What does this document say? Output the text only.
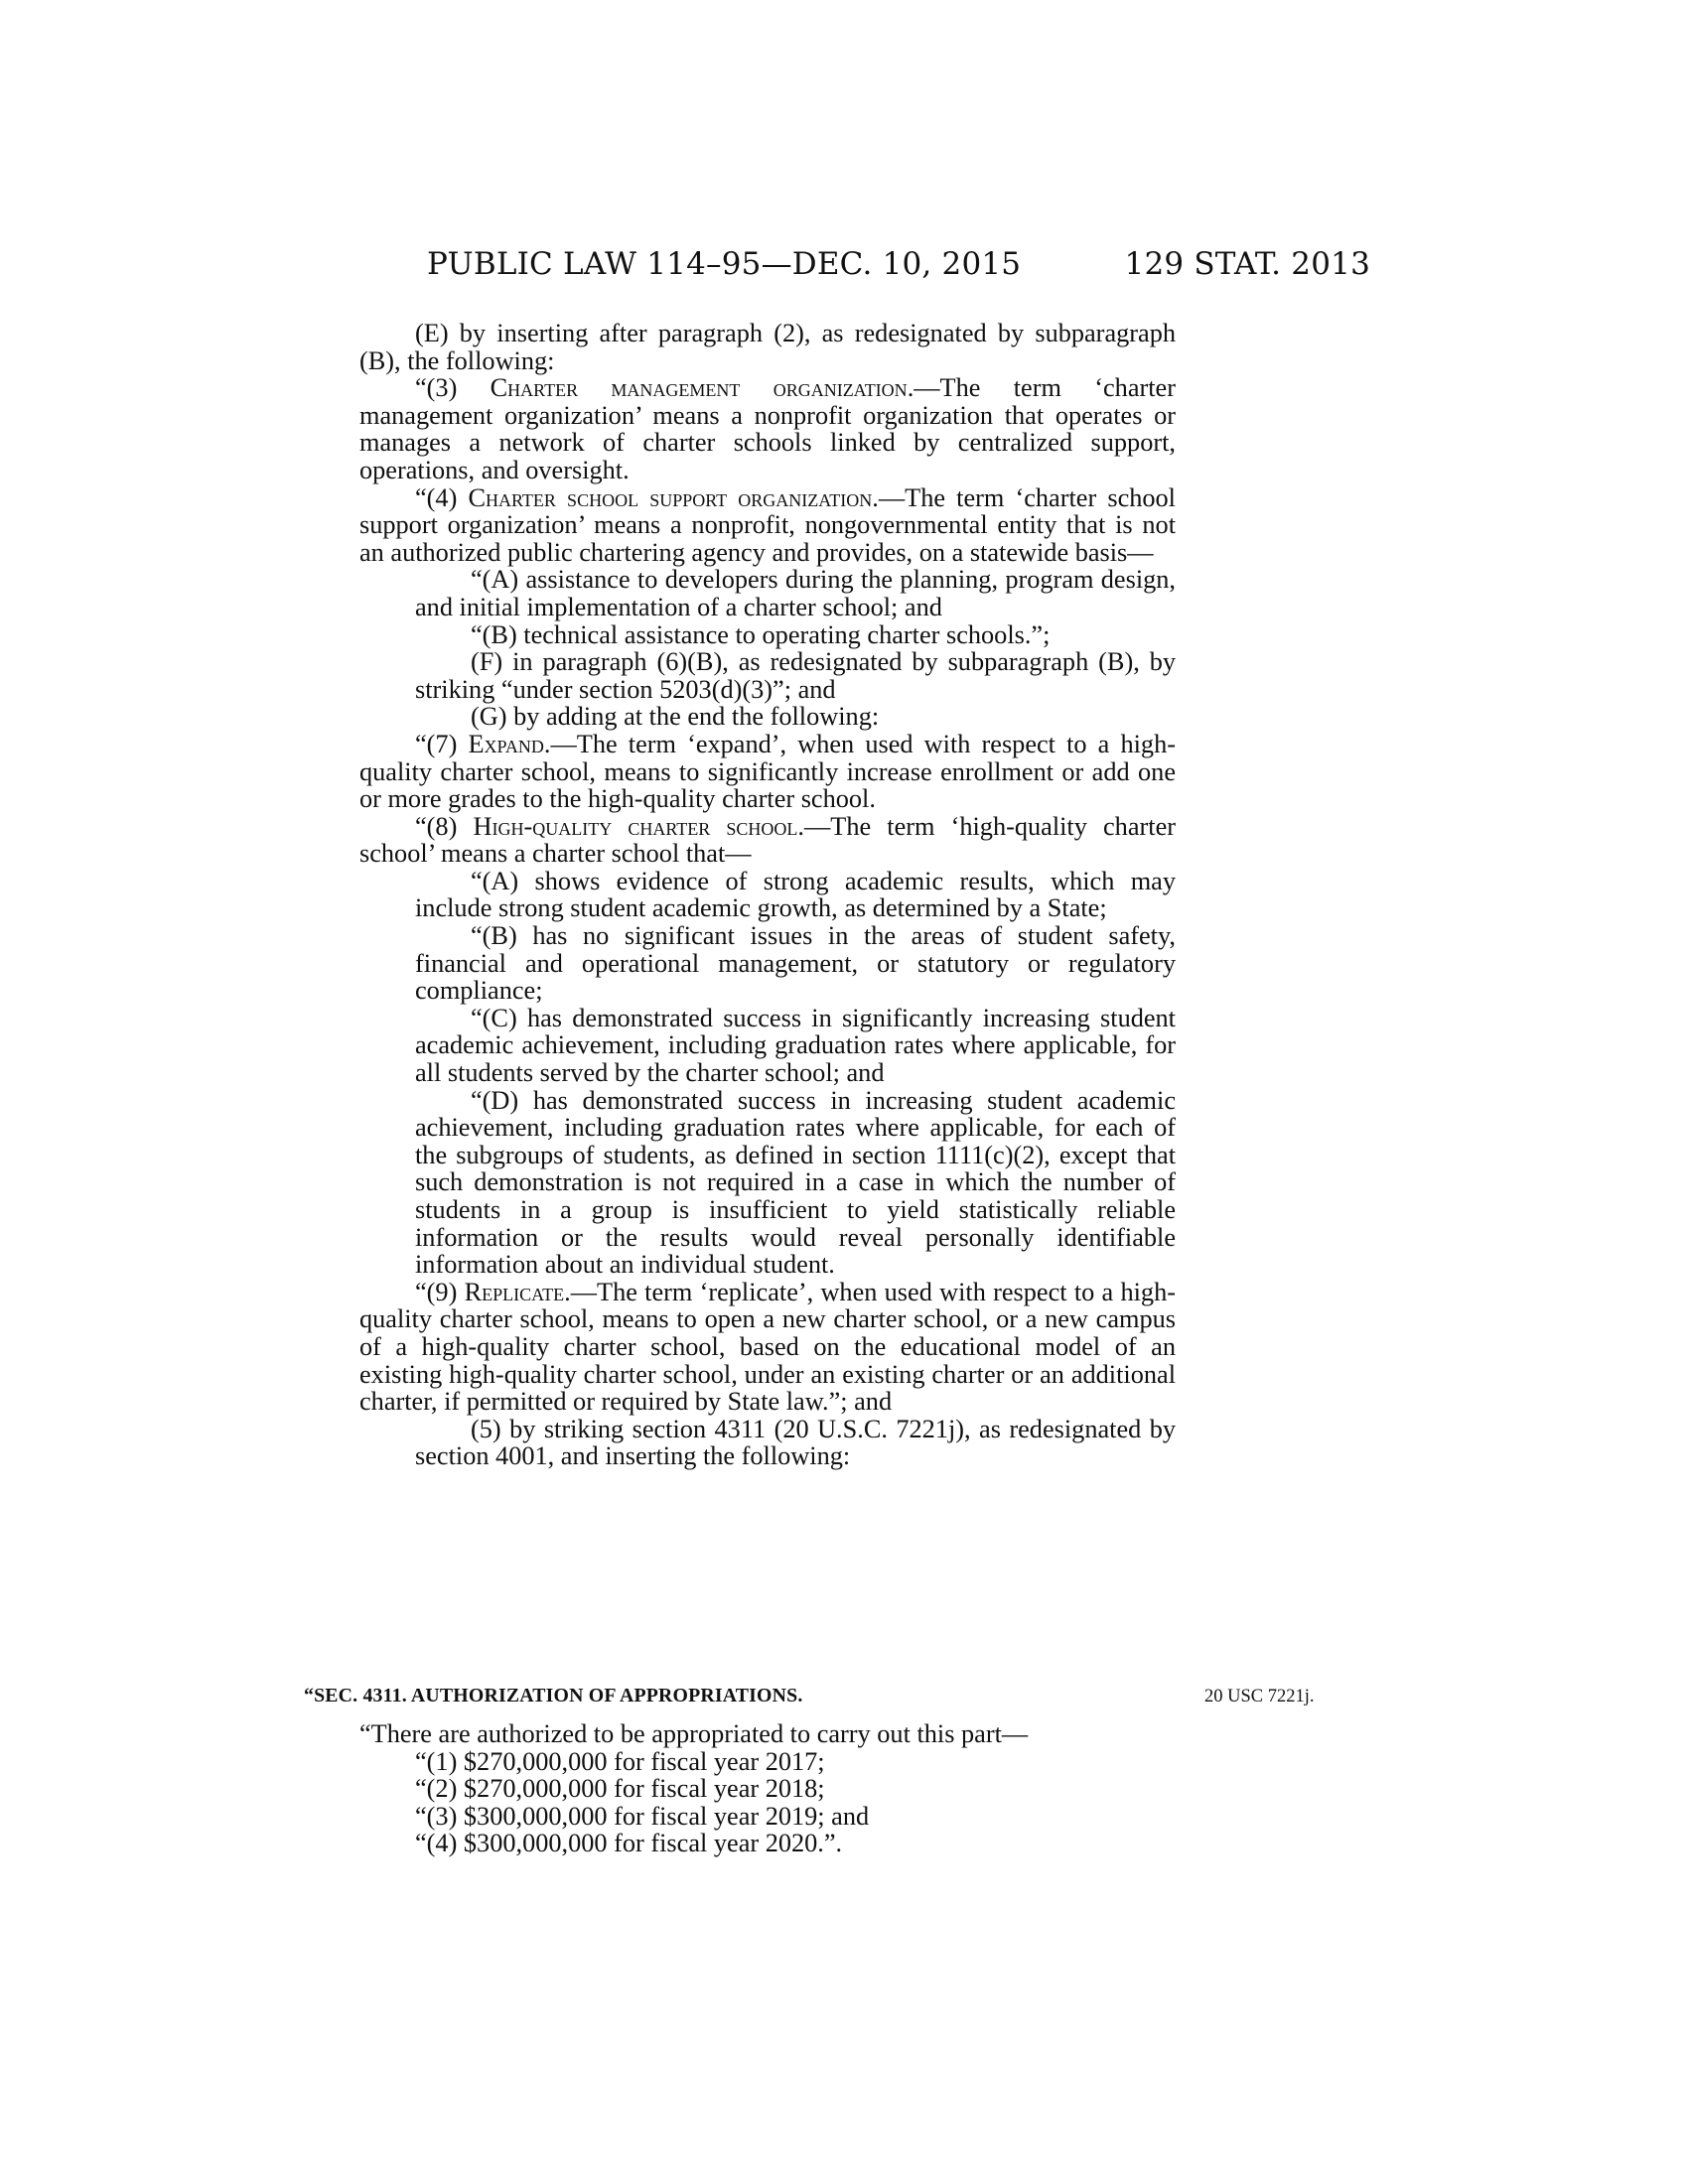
PUBLIC LAW 114–95—DEC. 10, 2015	129 STAT. 2013

(E) by inserting after paragraph (2), as redesignated by subparagraph (B), the following:

“(3) Charter management organization.—The term ‘charter management organization’ means a nonprofit organization that operates or manages a network of charter schools linked by centralized support, operations, and oversight.

“(4) Charter school support organization.—The term ‘charter school support organization’ means a nonprofit, nongovernmental entity that is not an authorized public chartering agency and provides, on a statewide basis—

“(A) assistance to developers during the planning, program design, and initial implementation of a charter school; and

“(B) technical assistance to operating charter schools.”;

(F) in paragraph (6)(B), as redesignated by subparagraph (B), by striking “under section 5203(d)(3)”; and

(G) by adding at the end the following:

“(7) Expand.—The term ‘expand’, when used with respect to a high-quality charter school, means to significantly increase enrollment or add one or more grades to the high-quality charter school.

“(8) High-quality charter school.—The term ‘high-quality charter school’ means a charter school that—

“(A) shows evidence of strong academic results, which may include strong student academic growth, as determined by a State;

“(B) has no significant issues in the areas of student safety, financial and operational management, or statutory or regulatory compliance;

“(C) has demonstrated success in significantly increasing student academic achievement, including graduation rates where applicable, for all students served by the charter school; and

“(D) has demonstrated success in increasing student academic achievement, including graduation rates where applicable, for each of the subgroups of students, as defined in section 1111(c)(2), except that such demonstration is not required in a case in which the number of students in a group is insufficient to yield statistically reliable information or the results would reveal personally identifiable information about an individual student.

“(9) Replicate.—The term ‘replicate’, when used with respect to a high-quality charter school, means to open a new charter school, or a new campus of a high-quality charter school, based on the educational model of an existing high-quality charter school, under an existing charter or an additional charter, if permitted or required by State law.”; and

(5) by striking section 4311 (20 U.S.C. 7221j), as redesignated by section 4001, and inserting the following:

“SEC. 4311. AUTHORIZATION OF APPROPRIATIONS.	20 USC 7221j.

“There are authorized to be appropriated to carry out this part—

“(1) $270,000,000 for fiscal year 2017;

“(2) $270,000,000 for fiscal year 2018;

“(3) $300,000,000 for fiscal year 2019; and

“(4) $300,000,000 for fiscal year 2020.”.
